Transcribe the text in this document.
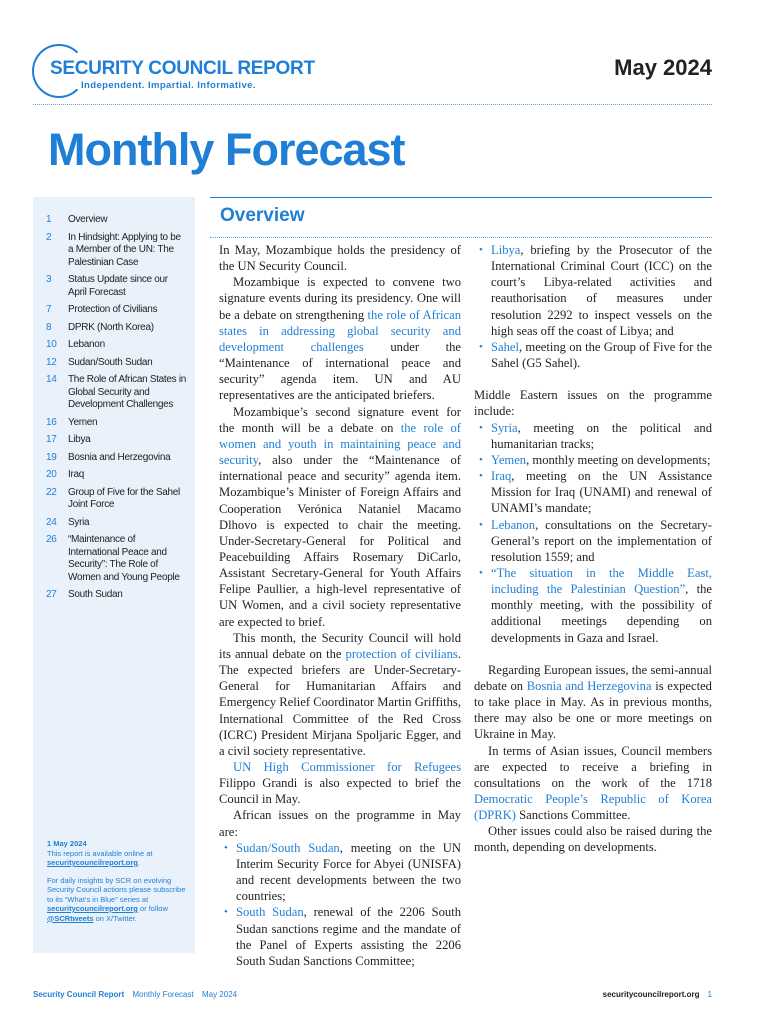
SECURITY COUNCIL REPORT
Independent. Impartial. Informative.
May 2024
Monthly Forecast
1	Overview
2	In Hindsight: Applying to be a Member of the UN: The Palestinian Case
3	Status Update since our April Forecast
7	Protection of Civilians
8	DPRK (North Korea)
10	Lebanon
12	Sudan/South Sudan
14	The Role of African States in Global Security and Development Challenges
16	Yemen
17	Libya
19	Bosnia and Herzegovina
20	Iraq
22	Group of Five for the Sahel Joint Force
24	Syria
26	“Maintenance of International Peace and Security”: The Role of Women and Young People
27	South Sudan

1 May 2024
This report is available online at
securitycouncilreport.org.

For daily insights by SCR on evolving Security Council actions please subscribe to its “What’s in Blue” series at securitycouncilreport.org or follow @SCRtweets on X/Twitter.

Overview

In May, Mozambique holds the presidency of the UN Security Council.

Mozambique is expected to convene two signature events during its presidency. One will be a debate on strengthening the role of African states in addressing global security and development challenges under the “Maintenance of international peace and security” agenda item. UN and AU representatives are the anticipated briefers.

Mozambique’s second signature event for the month will be a debate on the role of women and youth in maintaining peace and security, also under the “Maintenance of international peace and security” agenda item. Mozambique’s Minister of Foreign Affairs and Cooperation Verónica Nataniel Macamo Dlhovo is expected to chair the meeting. Under-Secretary-General for Political and Peacebuilding Affairs Rosemary DiCarlo, Assistant Secretary-General for Youth Affairs Felipe Paullier, a high-level representative of UN Women, and a civil society representative are expected to brief.

This month, the Security Council will hold its annual debate on the protection of civilians. The expected briefers are Under-Secretary-General for Humanitarian Affairs and Emergency Relief Coordinator Martin Griffiths, International Committee of the Red Cross (ICRC) President Mirjana Spoljaric Egger, and a civil society representative.

UN High Commissioner for Refugees Filippo Grandi is also expected to brief the Council in May.

African issues on the programme in May are:

• Sudan/South Sudan, meeting on the UN Interim Security Force for Abyei (UNISFA) and recent developments between the two countries;
• South Sudan, renewal of the 2206 South Sudan sanctions regime and the mandate of the Panel of Experts assisting the 2206 South Sudan Sanctions Committee;
• Libya, briefing by the Prosecutor of the International Criminal Court (ICC) on the court’s Libya-related activities and reauthorisation of measures under resolution 2292 to inspect vessels on the high seas off the coast of Libya; and
• Sahel, meeting on the Group of Five for the Sahel (G5 Sahel).

Middle Eastern issues on the programme include:

• Syria, meeting on the political and humanitarian tracks;
• Yemen, monthly meeting on developments;
• Iraq, meeting on the UN Assistance Mission for Iraq (UNAMI) and renewal of UNAMI’s mandate;
• Lebanon, consultations on the Secretary-General’s report on the implementation of resolution 1559; and
• “The situation in the Middle East, including the Palestinian Question”, the monthly meeting, with the possibility of additional meetings depending on developments in Gaza and Israel.

Regarding European issues, the semi-annual debate on Bosnia and Herzegovina is expected to take place in May. As in previous months, there may also be one or more meetings on Ukraine in May.

In terms of Asian issues, Council members are expected to receive a briefing in consultations on the work of the 1718 Democratic People’s Republic of Korea (DPRK) Sanctions Committee.

Other issues could also be raised during the month, depending on developments.

Security Council Report Monthly Forecast May 2024	securitycouncilreport.org 1
